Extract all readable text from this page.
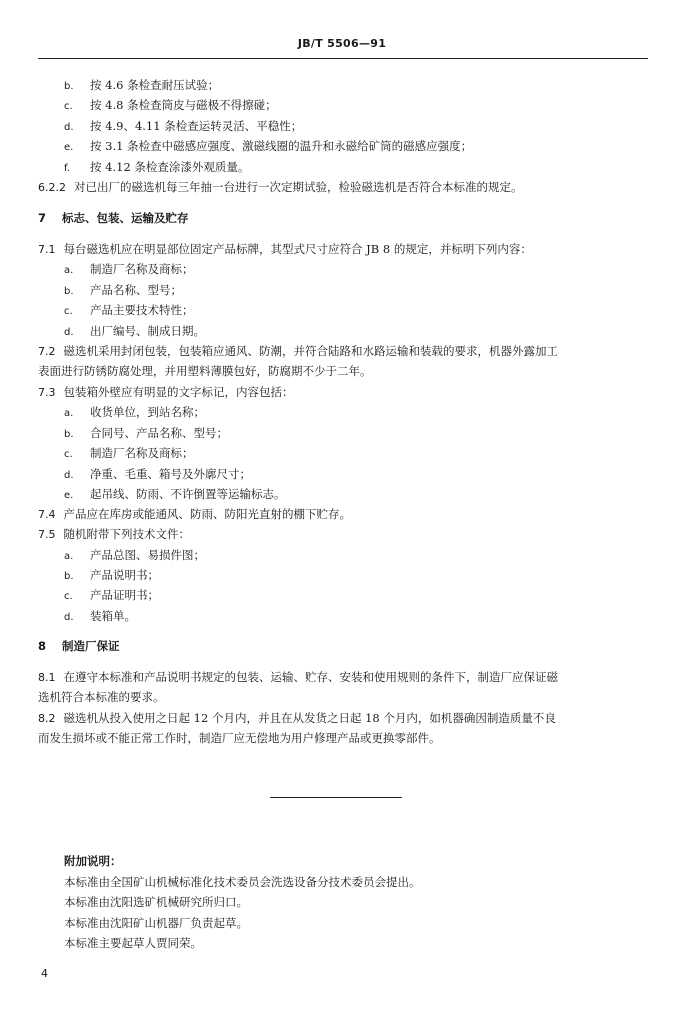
JB/T 5506—91
b. 按 4.6 条检查耐压试验；
c. 按 4.8 条检查筒皮与磁极不得擦碰；
d. 按 4.9、4.11 条检查运转灵活、平稳性；
e. 按 3.1 条检查中磁感应强度、激磁线圈的温升和永磁给矿筒的磁感应强度；
f. 按 4.12 条检查涂漆外观质量。
6.2.2 对已出厂的磁选机每三年抽一台进行一次定期试验，检验磁选机是否符合本标准的规定。
7 标志、包装、运输及贮存
7.1 每台磁选机应在明显部位固定产品标牌，其型式尺寸应符合 JB 8 的规定，并标明下列内容：
a. 制造厂名称及商标；
b. 产品名称、型号；
c. 产品主要技术特性；
d. 出厂编号、制成日期。
7.2 磁选机采用封闭包装，包装箱应通风、防潮，并符合陆路和水路运输和装载的要求，机器外露加工
表面进行防锈防腐处理，并用塑料薄膜包好，防腐期不少于二年。
7.3 包装箱外壁应有明显的文字标记，内容包括：
a. 收货单位，到站名称；
b. 合同号、产品名称、型号；
c. 制造厂名称及商标；
d. 净重、毛重、箱号及外廓尺寸；
e. 起吊线、防雨、不许倒置等运输标志。
7.4 产品应在库房或能通风、防雨、防阳光直射的棚下贮存。
7.5 随机附带下列技术文件：
a. 产品总图、易损件图；
b. 产品说明书；
c. 产品证明书；
d. 装箱单。
8 制造厂保证
8.1 在遵守本标准和产品说明书规定的包装、运输、贮存、安装和使用规则的条件下，制造厂应保证磁
选机符合本标准的要求。
8.2 磁选机从投入使用之日起 12 个月内，并且在从发货之日起 18 个月内，如机器确因制造质量不良
而发生损坏或不能正常工作时，制造厂应无偿地为用户修理产品或更换零部件。
附加说明：
本标准由全国矿山机械标准化技术委员会洗选设备分技术委员会提出。
本标准由沈阳选矿机械研究所归口。
本标准由沈阳矿山机器厂负责起草。
本标准主要起草人贾同荣。
4
